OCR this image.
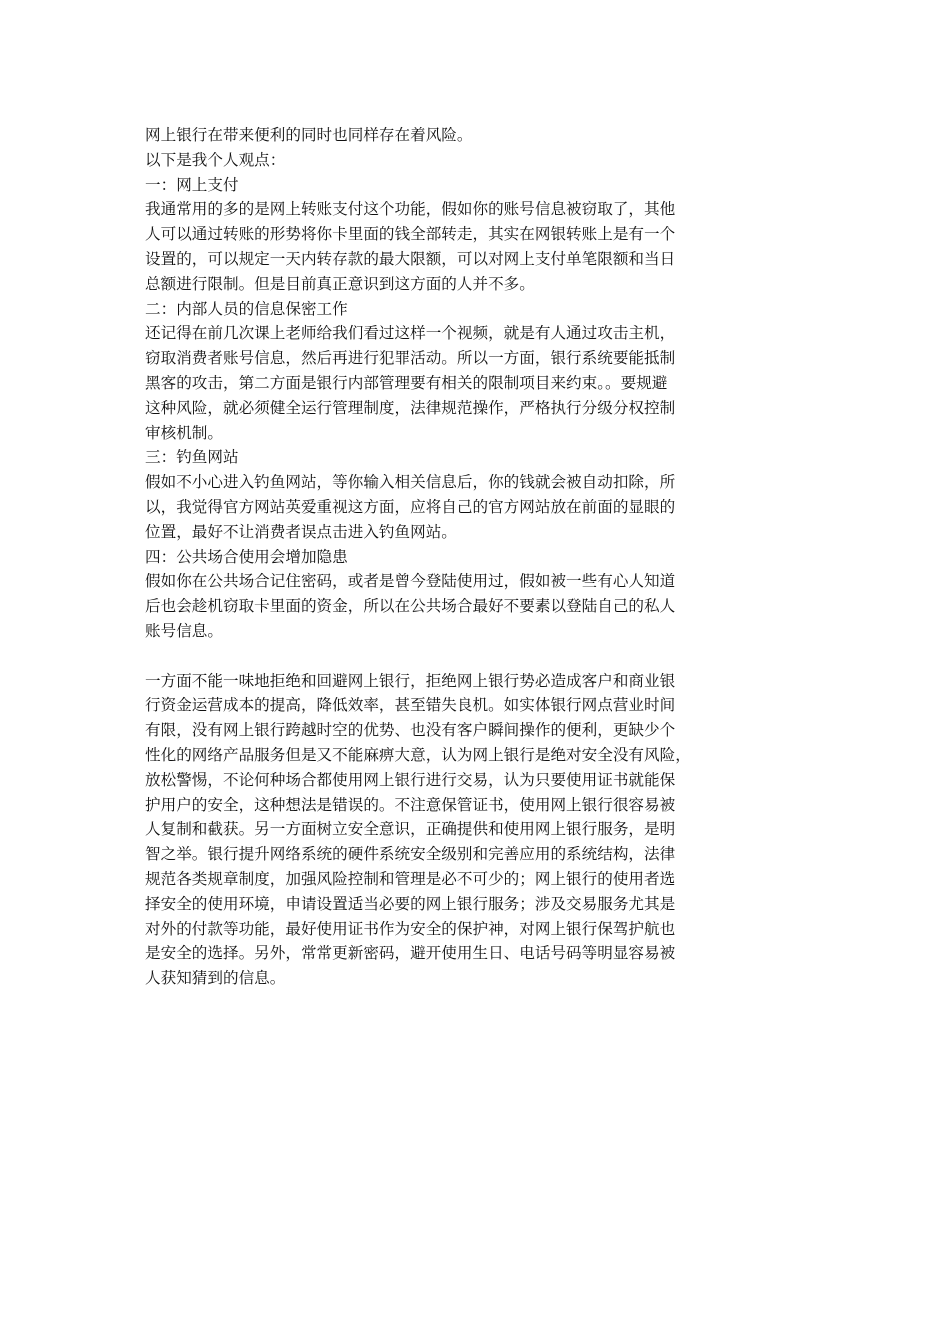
网上银行在带来便利的同时也同样存在着风险。
以下是我个人观点：
一：网上支付
我通常用的多的是网上转账支付这个功能，假如你的账号信息被窃取了，其他
人可以通过转账的形势将你卡里面的钱全部转走，其实在网银转账上是有一个
设置的，可以规定一天内转存款的最大限额，可以对网上支付单笔限额和当日
总额进行限制。但是目前真正意识到这方面的人并不多。
二：内部人员的信息保密工作
还记得在前几次课上老师给我们看过这样一个视频，就是有人通过攻击主机，
窃取消费者账号信息，然后再进行犯罪活动。所以一方面，银行系统要能抵制
黑客的攻击，第二方面是银行内部管理要有相关的限制项目来约束。。要规避
这种风险，就必须健全运行管理制度，法律规范操作，严格执行分级分权控制
审核机制。
三：钓鱼网站
假如不小心进入钓鱼网站，等你输入相关信息后，你的钱就会被自动扣除，所
以，我觉得官方网站英爱重视这方面，应将自己的官方网站放在前面的显眼的
位置，最好不让消费者误点击进入钓鱼网站。
四：公共场合使用会增加隐患
假如你在公共场合记住密码，或者是曾今登陆使用过，假如被一些有心人知道
后也会趁机窃取卡里面的资金，所以在公共场合最好不要素以登陆自己的私人
账号信息。
一方面不能一味地拒绝和回避网上银行，拒绝网上银行势必造成客户和商业银
行资金运营成本的提高，降低效率，甚至错失良机。如实体银行网点营业时间
有限，没有网上银行跨越时空的优势、也没有客户瞬间操作的便利，更缺少个
性化的网络产品服务但是又不能麻痹大意，认为网上银行是绝对安全没有风险，
放松警惕，不论何种场合都使用网上银行进行交易，认为只要使用证书就能保
护用户的安全，这种想法是错误的。不注意保管证书，使用网上银行很容易被
人复制和截获。另一方面树立安全意识，正确提供和使用网上银行服务，是明
智之举。银行提升网络系统的硬件系统安全级别和完善应用的系统结构，法律
规范各类规章制度，加强风险控制和管理是必不可少的；网上银行的使用者选
择安全的使用环境，申请设置适当必要的网上银行服务；涉及交易服务尤其是
对外的付款等功能，最好使用证书作为安全的保护神，对网上银行保驾护航也
是安全的选择。另外，常常更新密码，避开使用生日、电话号码等明显容易被
人获知猜到的信息。
